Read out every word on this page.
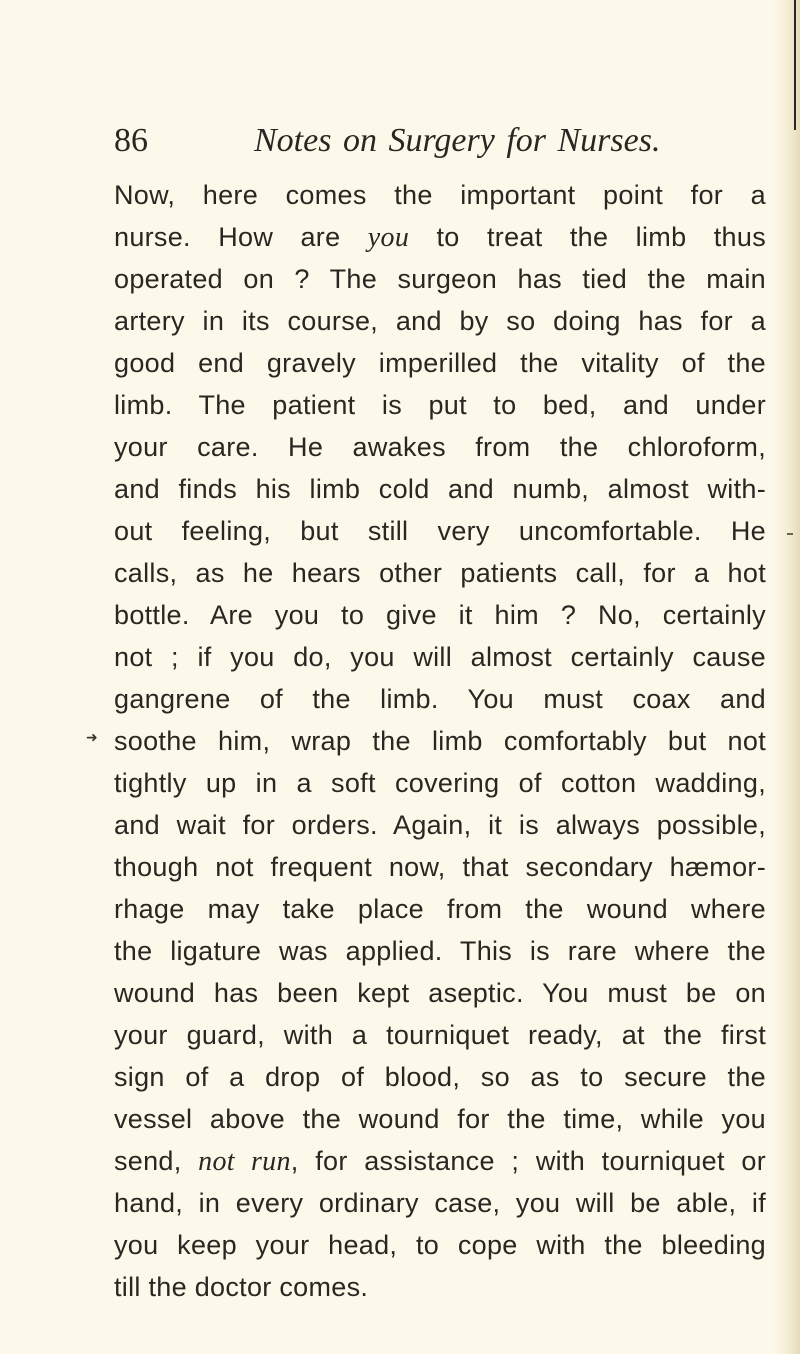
86	Notes on Surgery for Nurses.
Now, here comes the important point for a
nurse. How are you to treat the limb thus
operated on ? The surgeon has tied the main
artery in its course, and by so doing has for a
good end gravely imperilled the vitality of the
limb. The patient is put to bed, and under
your care. He awakes from the chloroform,
and finds his limb cold and numb, almost with-
out feeling, but still very uncomfortable. He
calls, as he hears other patients call, for a hot
bottle. Are you to give it him ? No, certainly
not ; if you do, you will almost certainly cause
gangrene of the limb. You must coax and
soothe him, wrap the limb comfortably but not
tightly up in a soft covering of cotton wadding,
and wait for orders. Again, it is always possible,
though not frequent now, that secondary hæmor-
rhage may take place from the wound where
the ligature was applied. This is rare where the
wound has been kept aseptic. You must be on
your guard, with a tourniquet ready, at the first
sign of a drop of blood, so as to secure the
vessel above the wound for the time, while you
send, not run, for assistance ; with tourniquet or
hand, in every ordinary case, you will be able, if
you keep your head, to cope with the bleeding
till the doctor comes.
➜
